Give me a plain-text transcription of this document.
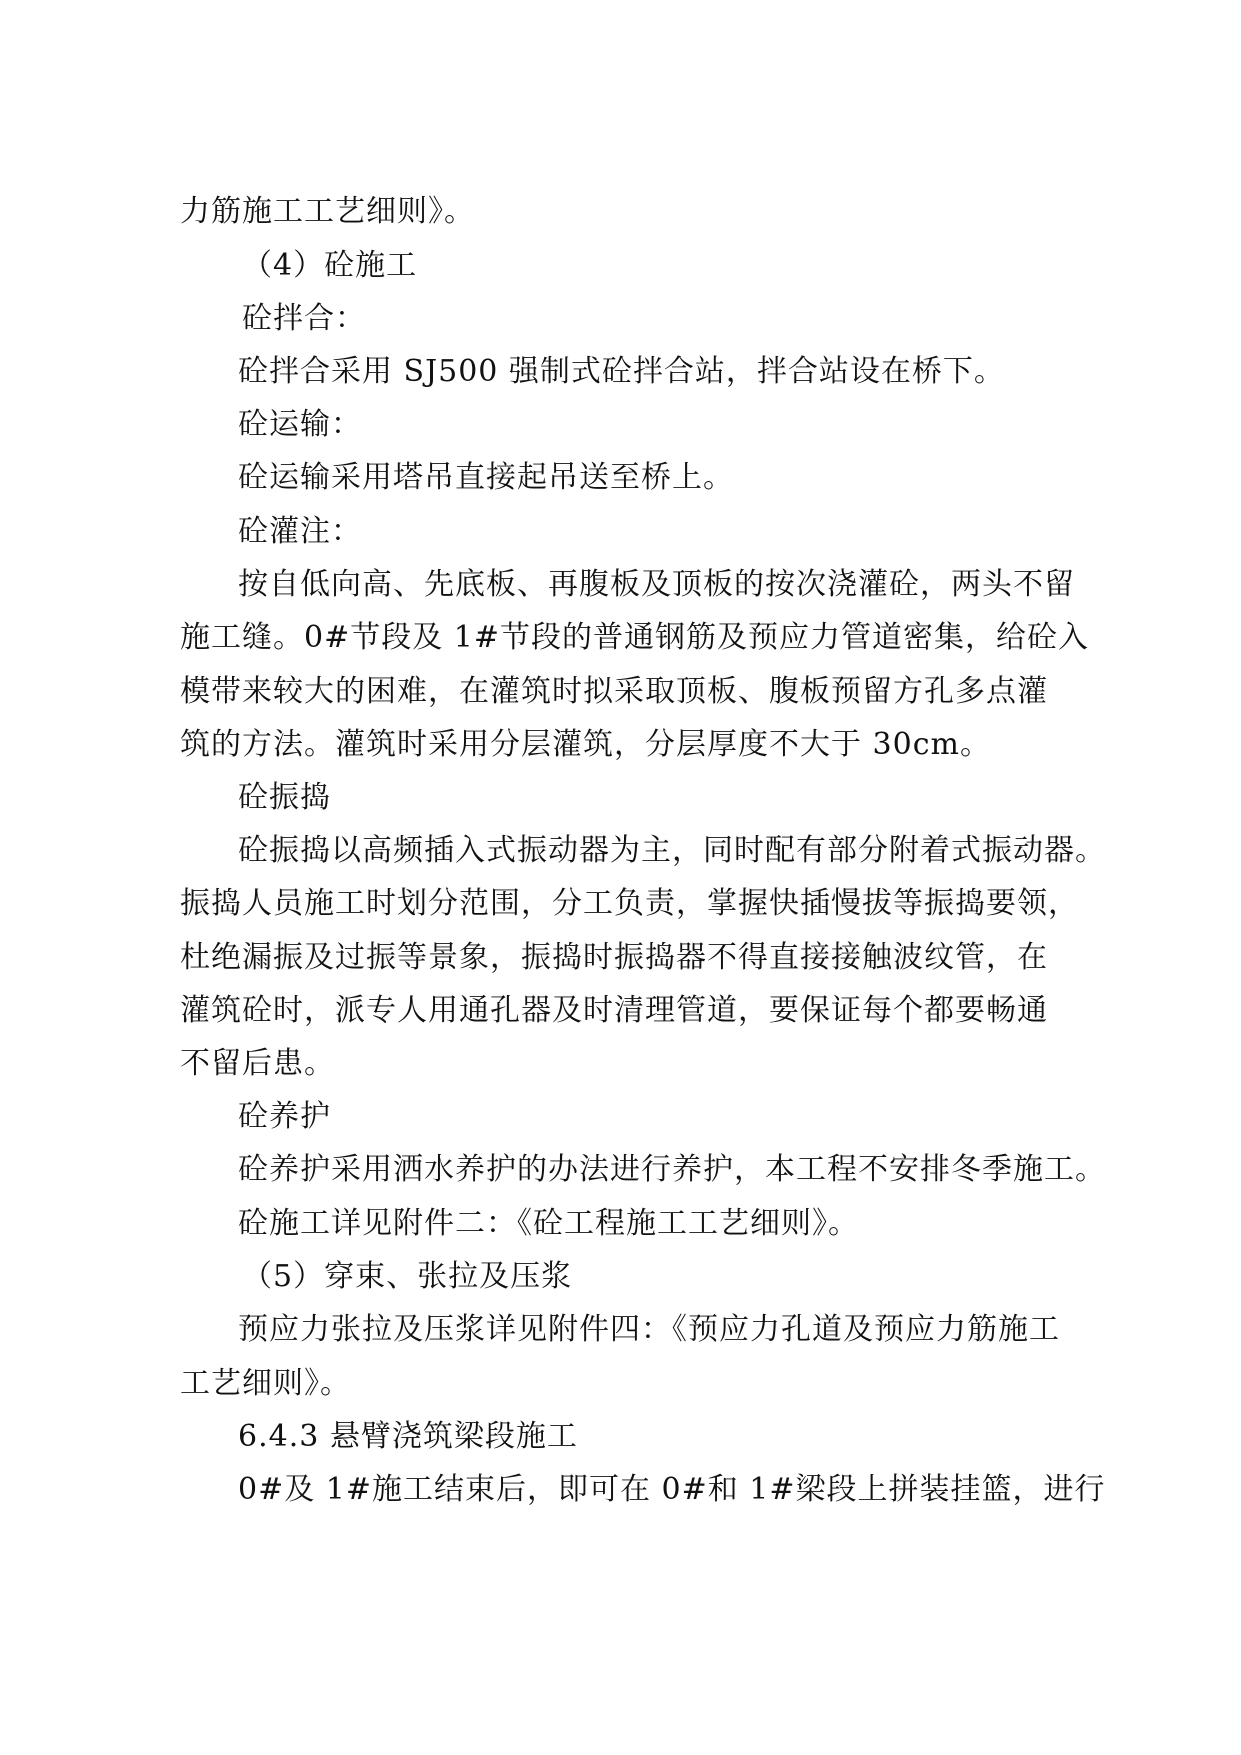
力筋施工工艺细则》。
（4）砼施工
砼拌合：
砼拌合采用 SJ500 强制式砼拌合站，拌合站设在桥下。
砼运输：
砼运输采用塔吊直接起吊送至桥上。
砼灌注：
按自低向高、先底板、再腹板及顶板的按次浇灌砼，两头不留
施工缝。0#节段及 1#节段的普通钢筋及预应力管道密集，给砼入
模带来较大的困难，在灌筑时拟采取顶板、腹板预留方孔多点灌
筑的方法。灌筑时采用分层灌筑，分层厚度不大于 30cm。
砼振捣
砼振捣以高频插入式振动器为主，同时配有部分附着式振动器。
振捣人员施工时划分范围，分工负责，掌握快插慢拔等振捣要领，
杜绝漏振及过振等景象，振捣时振捣器不得直接接触波纹管，在
灌筑砼时，派专人用通孔器及时清理管道，要保证每个都要畅通
不留后患。
砼养护
砼养护采用洒水养护的办法进行养护，本工程不安排冬季施工。
砼施工详见附件二：《砼工程施工工艺细则》。
（5）穿束、张拉及压浆
预应力张拉及压浆详见附件四：《预应力孔道及预应力筋施工
工艺细则》。
6.4.3 悬臂浇筑梁段施工
0#及 1#施工结束后，即可在 0#和 1#梁段上拼装挂篮，进行
